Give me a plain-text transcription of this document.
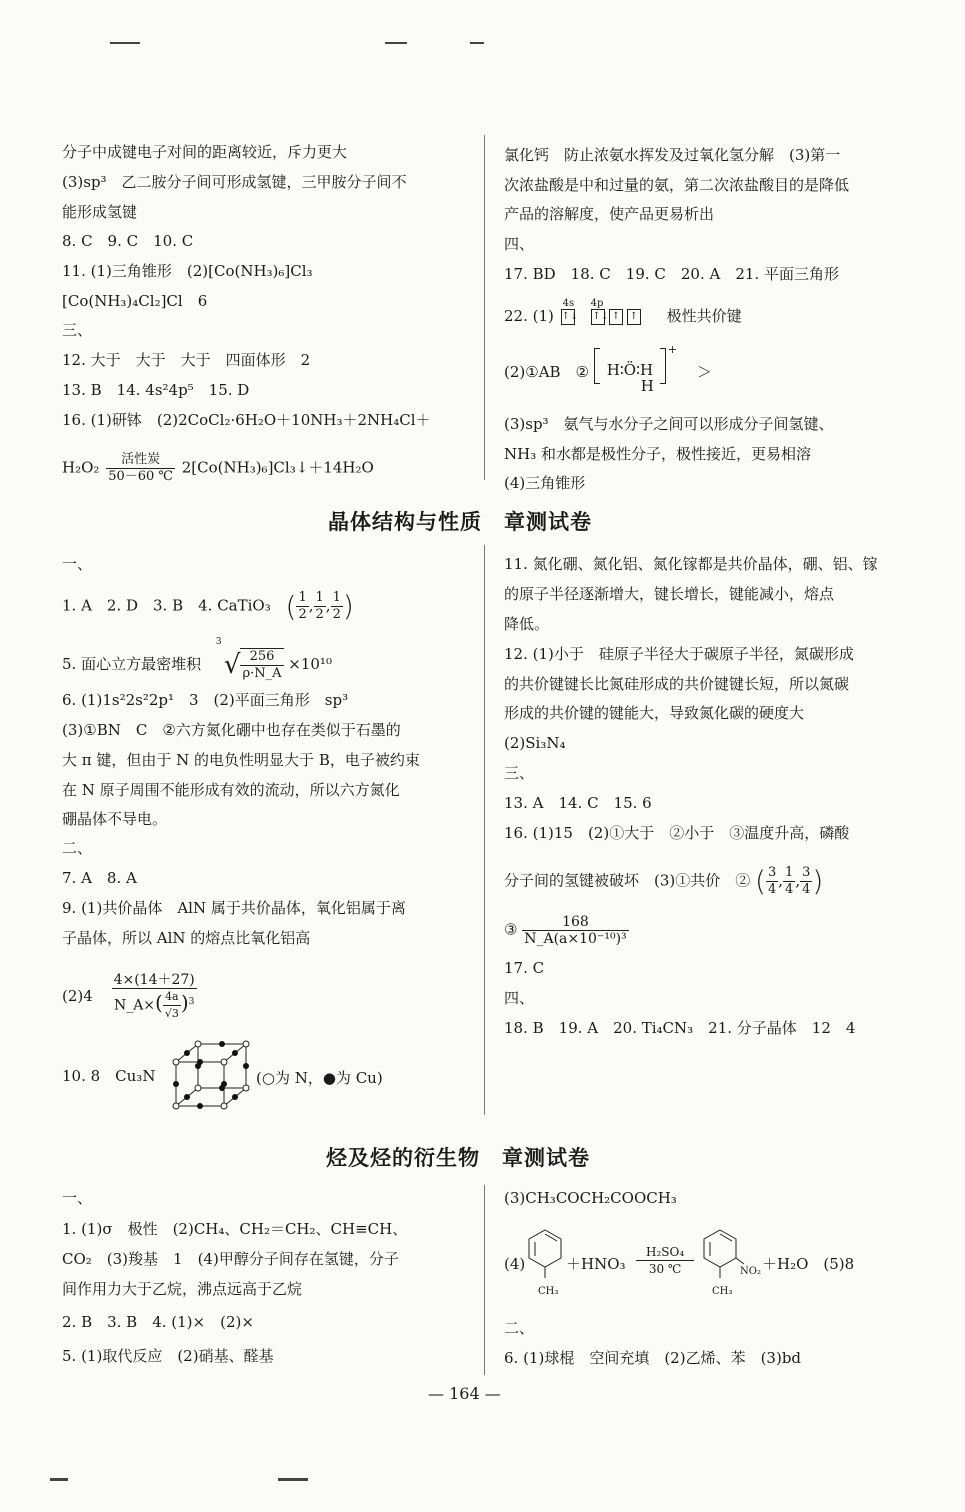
分子中成键电子对间的距离较近，斥力更大
(3)sp³　乙二胺分子间可形成氢键，三甲胺分子间不
能形成氢键
8. C　9. C　10. C
11. (1)三角锥形　(2)[Co(NH₃)₆]Cl₃
[Co(NH₃)₄Cl₂]Cl　6
三、
12. 大于　大于　大于　四面体形　2
13. B　14. 4s²4p⁵　15. D
16. (1)研钵　(2)2CoCl₂·6H₂O＋10NH₃＋2NH₄Cl＋
$H_2O_2 \frac{\text{活性炭}}{50-60 ℃}$ 2[Co(NH₃)₆]Cl₃↓＋14H₂O
氯化钙　防止浓氨水挥发及过氧化氢分解　(3)第一
次浓盐酸是中和过量的氨，第二次浓盐酸目的是降低
产品的溶解度，使产品更易析出
四、
17. BD　18. C　19. C　20. A　21. 平面三角形
22. (1)
4s 4p
↑↓ ↑↓ ↑ ↑ 极性共价键
(2)①AB　② H∶Ö∶H
H
+
＞
(3)sp³　氨气与水分子之间可以形成分子间氢键、
NH₃ 和水都是极性分子，极性接近，更易相溶
(4)三角锥形
晶体结构与性质　章测试卷
一、
1. A　2. D　3. B　4. CaTiO₃ ( $\frac{1}{2}$ , $\frac{1}{2}$ , $\frac{1}{2}$ )
5. 面心立方最密堆积
3
√ $\frac{256}{\rho\cdot N\_A} \times 10^{10}$
6. (1)1s²2s²2p¹　3　(2)平面三角形　sp³
(3)①BN　C　②六方氮化硼中也存在类似于石墨的
大 π 键，但由于 N 的电负性明显大于 B，电子被约束
在 N 原子周围不能形成有效的流动，所以六方氮化
硼晶体不导电。
二、
7. A　8. A
9. (1)共价晶体　AlN 属于共价晶体，氧化铝属于离
子晶体，所以 AlN 的熔点比氧化铝高
$(2)4 \frac{4\times(14+27)}{N\_A\times( \frac{4a}{√3} )^3}$
10. 8　Cu₃N	(○为 N，●为 Cu)
11. 氮化硼、氮化铝、氮化镓都是共价晶体，硼、铝、镓
的原子半径逐渐增大，键长增长，键能减小，熔点
降低。
12. (1)小于　硅原子半径大于碳原子半径，氮碳形成
的共价键键长比氮硅形成的共价键键长短，所以氮碳
形成的共价键的键能大，导致氮化碳的硬度大
(2)Si₃N₄
三、
13. A　14. C　15. 6
16. (1)15　(2)①大于　②小于　③温度升高，磷酸
分子间的氢键被破坏　(3)①共价　② ( $\frac{3}{4}$ , $\frac{1}{4}$ , $\frac{3}{4}$ )
③ $\frac{168}{\text{N\_A(a×10⁻¹⁰)³}}$
17. C
四、
18. B　19. A　20. Ti₄CN₃　21. 分子晶体　12　4
烃及烃的衍生物　章测试卷
一、
1. (1)σ　极性　(2)CH₄、CH₂＝CH₂、CH≡CH、
CO₂　(3)羧基　1　(4)甲醇分子间存在氢键，分子
间作用力大于乙烷，沸点远高于乙烷
2. B　3. B　4. (1)×　(2)×
5. (1)取代反应　(2)硝基、醛基
(3)CH₃COCH₂COOCH₃
(4)
CH₃
$+HNO_3 \frac{\text{H₂SO₄}}{30 ℃}$
CH₃
NO₂ ＋H₂O　(5)8
二、
6. (1)球棍　空间充填　(2)乙烯、苯　(3)bd
— 164 —
